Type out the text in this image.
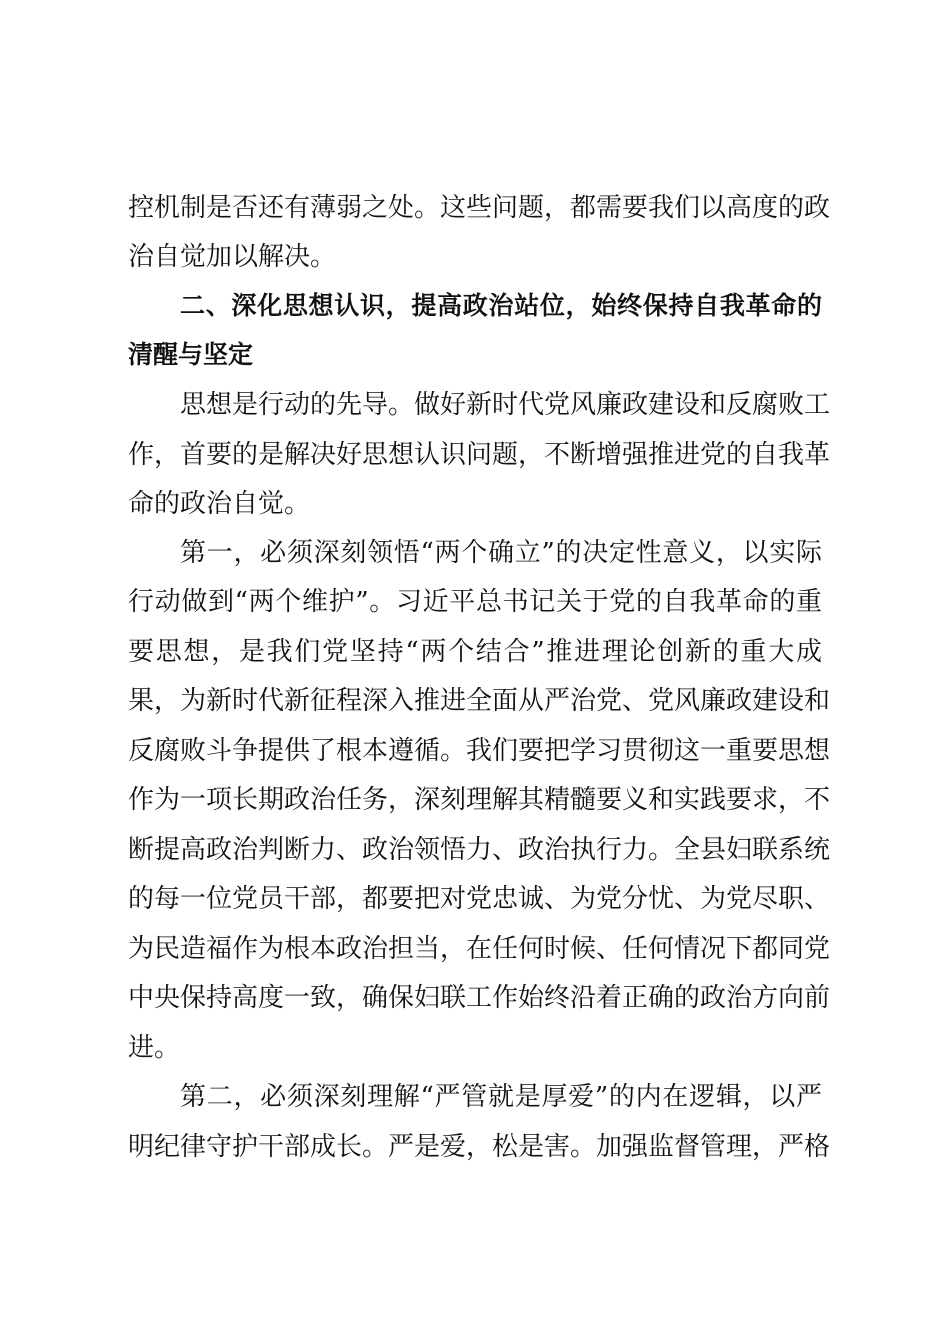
控机制是否还有薄弱之处。这些问题，都需要我们以高度的政
治自觉加以解决。
二、深化思想认识，提高政治站位，始终保持自我革命的
清醒与坚定
思想是行动的先导。做好新时代党风廉政建设和反腐败工
作，首要的是解决好思想认识问题，不断增强推进党的自我革
命的政治自觉。
第一，必须深刻领悟“两个确立”的决定性意义，以实际
行动做到“两个维护”。习近平总书记关于党的自我革命的重
要思想，是我们党坚持“两个结合”推进理论创新的重大成
果，为新时代新征程深入推进全面从严治党、党风廉政建设和
反腐败斗争提供了根本遵循。我们要把学习贯彻这一重要思想
作为一项长期政治任务，深刻理解其精髓要义和实践要求，不
断提高政治判断力、政治领悟力、政治执行力。全县妇联系统
的每一位党员干部，都要把对党忠诚、为党分忧、为党尽职、
为民造福作为根本政治担当，在任何时候、任何情况下都同党
中央保持高度一致，确保妇联工作始终沿着正确的政治方向前
进。
第二，必须深刻理解“严管就是厚爱”的内在逻辑，以严
明纪律守护干部成长。严是爱，松是害。加强监督管理，严格
